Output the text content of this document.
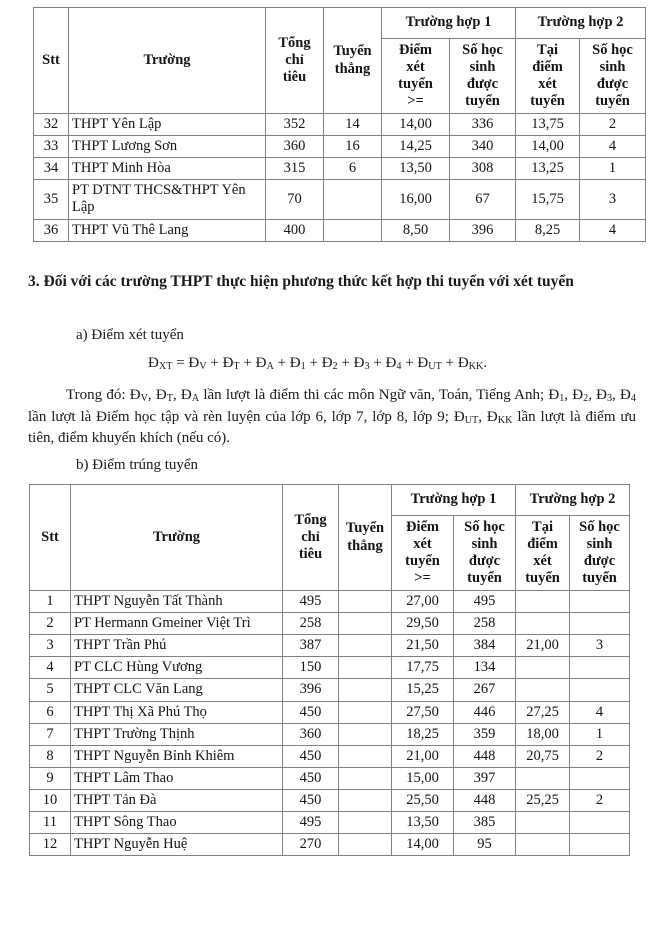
Stt	Trường	Tổng
chỉ
tiêu	Tuyển
thẳng	Trường hợp 1		Trường hợp 2	

				Điểm
xét
tuyển
>=	Số học
sinh
được
tuyển	Tại
điểm
xét
tuyển	Số học
sinh
được
tuyển

32	THPT Yên Lập	352	14	14,00	336	13,75	2
33	THPT Lương Sơn	360	16	14,25	340	14,00	4
34	THPT Minh Hòa	315	6	13,50	308	13,25	1
35	PT DTNT THCS&THPT Yên Lập	70		16,00	67	15,75	3
36	THPT Vũ Thê Lang	400		8,50	396	8,25	4
3. Đối với các trường THPT thực hiện phương thức kết hợp thi tuyển với xét tuyển
a) Điểm xét tuyển
$Đ_{XT}$ = $Đ_V$ + $Đ_T$ + $Đ_A$ + $Đ_1$ + $Đ_2$ + $Đ_3$ + $Đ_4$ + $Đ_{UT}$ + $Đ_{KK}$.
Trong đó: $Đ_V$, $Đ_T$, $Đ_A$ lần lượt là điểm thi các môn Ngữ văn, Toán, Tiếng Anh; $Đ_1$, $Đ_2$, $Đ_3$, $Đ_4$ lần lượt là Điểm học tập và rèn luyện của lớp 6, lớp 7, lớp 8, lớp 9; $Đ_{UT}$, $Đ_{KK}$ lần lượt là điểm ưu tiên, điểm khuyến khích (nếu có).
b) Điểm trúng tuyển
Stt	Trường	Tổng
chỉ
tiêu	Tuyển
thẳng	Trường hợp 1		Trường hợp 2	

				Điểm
xét
tuyển
>=	Số học
sinh
được
tuyển	Tại
điểm
xét
tuyển	Số học
sinh
được
tuyển

1	THPT Nguyễn Tất Thành	495		27,00	495		
2	PT Hermann Gmeiner Việt Trì	258		29,50	258		
3	THPT Trần Phú	387		21,50	384	21,00	3
4	PT CLC Hùng Vương	150		17,75	134		
5	THPT CLC Văn Lang	396		15,25	267		
6	THPT Thị Xã Phú Thọ	450		27,50	446	27,25	4
7	THPT Trường Thịnh	360		18,25	359	18,00	1
8	THPT Nguyễn Bỉnh Khiêm	450		21,00	448	20,75	2
9	THPT Lâm Thao	450		15,00	397		
10	THPT Tản Đà	450		25,50	448	25,25	2
11	THPT Sông Thao	495		13,50	385		
12	THPT Nguyễn Huệ	270		14,00	95		
